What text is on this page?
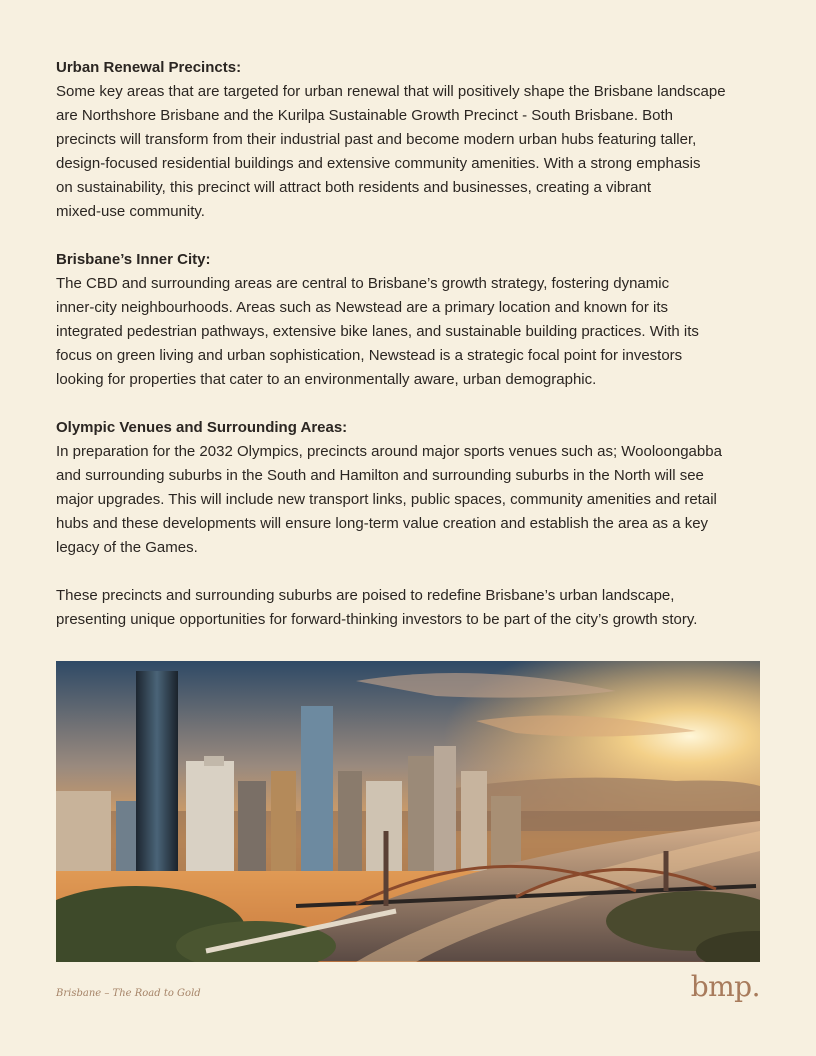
Urban Renewal Precincts:

Some key areas that are targeted for urban renewal that will positively shape the Brisbane landscape
are Northshore Brisbane and the Kurilpa Sustainable Growth Precinct - South Brisbane. Both
precincts will transform from their industrial past and become modern urban hubs featuring taller,
design-focused residential buildings and extensive community amenities. With a strong emphasis
on sustainability, this precinct will attract both residents and businesses, creating a vibrant
mixed-use community.

Brisbane’s Inner City:

The CBD and surrounding areas are central to Brisbane’s growth strategy, fostering dynamic
inner-city neighbourhoods. Areas such as Newstead are a primary location and known for its
integrated pedestrian pathways, extensive bike lanes, and sustainable building practices. With its
focus on green living and urban sophistication, Newstead is a strategic focal point for investors
looking for properties that cater to an environmentally aware, urban demographic.

Olympic Venues and Surrounding Areas:

In preparation for the 2032 Olympics, precincts around major sports venues such as; Wooloongabba
and surrounding suburbs in the South and Hamilton and surrounding suburbs in the North will see
major upgrades. This will include new transport links, public spaces, community amenities and retail
hubs and these developments will ensure long-term value creation and establish the area as a key
legacy of the Games.
These precincts and surrounding suburbs are poised to redefine Brisbane’s urban landscape,
presenting unique opportunities for forward-thinking investors to be part of the city’s growth story.
Brisbane – The Road to Gold	bmp.
